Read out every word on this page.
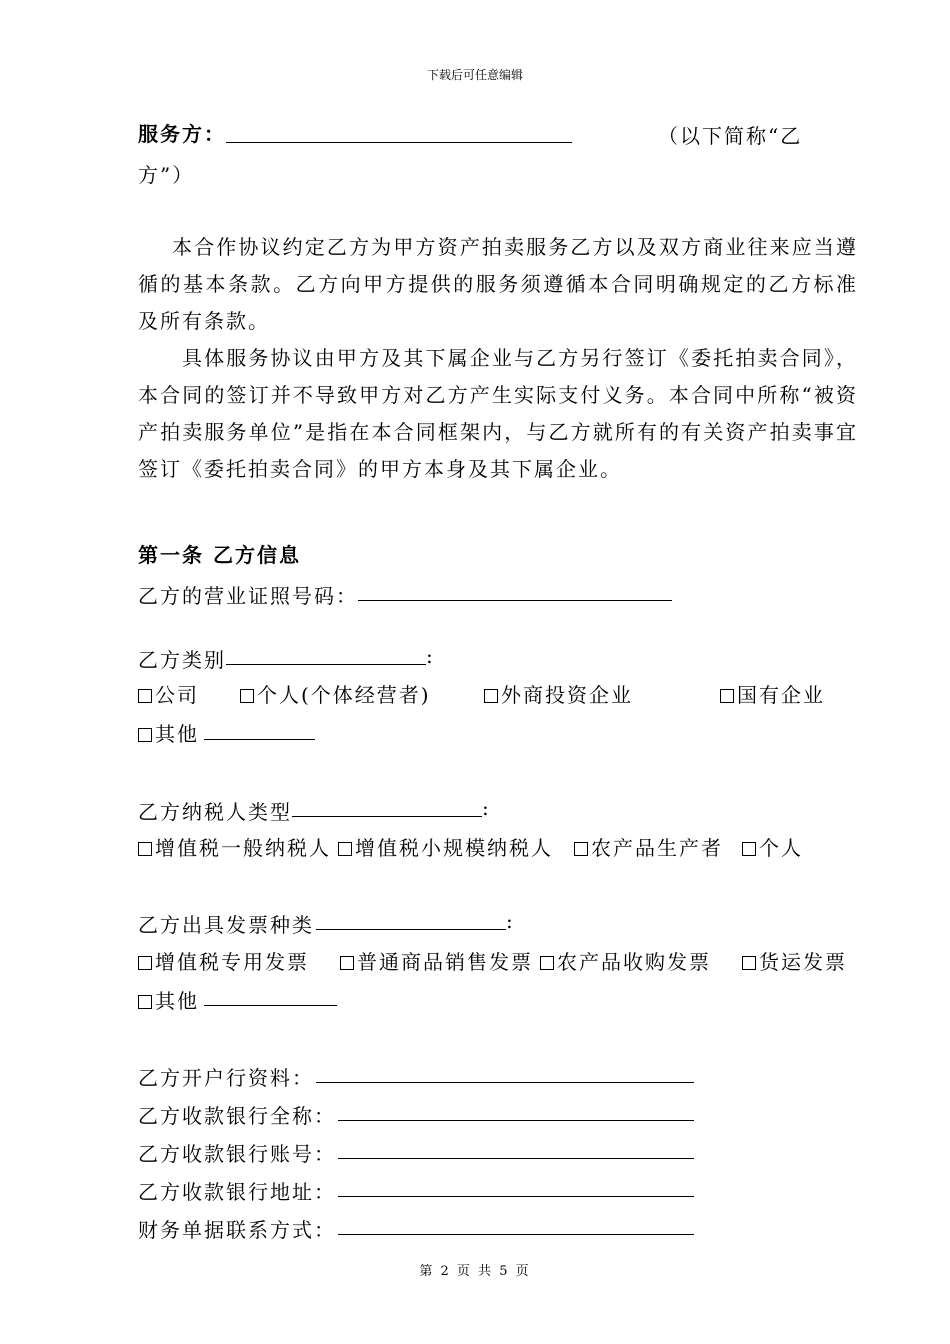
下载后可任意编辑
服务方：	（以下简称“乙
方”）
本合作协议约定乙方为甲方资产拍卖服务乙方以及双方商业往来应当遵循的基本条款。乙方向甲方提供的服务须遵循本合同明确规定的乙方标准及所有条款。
具体服务协议由甲方及其下属企业与乙方另行签订《委托拍卖合同》，本合同的签订并不导致甲方对乙方产生实际支付义务。本合同中所称“被资产拍卖服务单位”是指在本合同框架内，与乙方就所有的有关资产拍卖事宜签订《委托拍卖合同》的甲方本身及其下属企业。
第一条 乙方信息
乙方的营业证照号码：
乙方类别	:
公司	个人(个体经营者)	外商投资企业	国有企业
其他
乙方纳税人类型	:
增值税一般纳税人	增值税小规模纳税人	农产品生产者	个人
乙方出具发票种类	:
增值税专用发票	普通商品销售发票	农产品收购发票	货运发票
其他
乙方开户行资料：
乙方收款银行全称：
乙方收款银行账号：
乙方收款银行地址：
财务单据联系方式：
第 2 页 共 5 页
